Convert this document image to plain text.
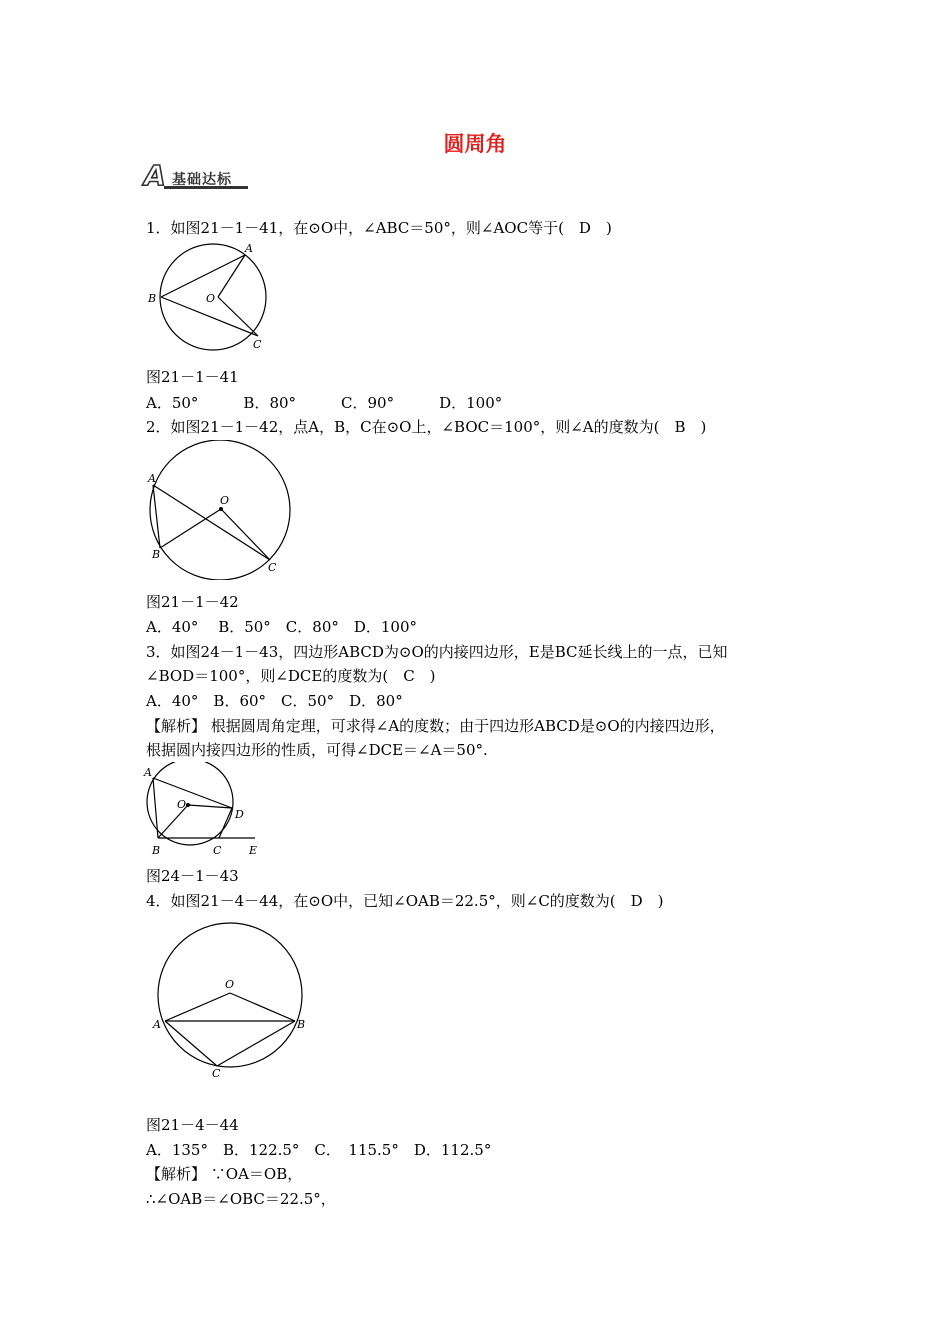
圆周角
基础达标
A
1．如图21－1－41，在⊙O中，∠ABC＝50°，则∠AOC等于(　D　)
A
B	O
C
图21－1－41
A．50°　　　B．80°　　　C．90°　　　D．100°
2．如图21－1－42，点A，B，C在⊙O上，∠BOC＝100°，则∠A的度数为(　B　)
A
O
B
C
图21－1－42
A．40°　 B．50°　C．80°　D．100°
3．如图24－1－43，四边形ABCD为⊙O的内接四边形，E是BC延长线上的一点，已知
∠BOD＝100°，则∠DCE的度数为(　C　)
A．40°　B．60°　C．50°　D．80°
【解析】 根据圆周角定理，可求得∠A的度数；由于四边形ABCD是⊙O的内接四边形，
根据圆内接四边形的性质，可得∠DCE＝∠A＝50°.
A
O
D
B	C	E
图24－1－43
4．如图21－4－44，在⊙O中，已知∠OAB＝22.5°，则∠C的度数为(　D　)
O
A	B
C
图21－4－44
A．135°　B．122.5°　C．　115.5°　D．112.5°
【解析】 ∵OA＝OB，
∴∠OAB＝∠OBC＝22.5°，
